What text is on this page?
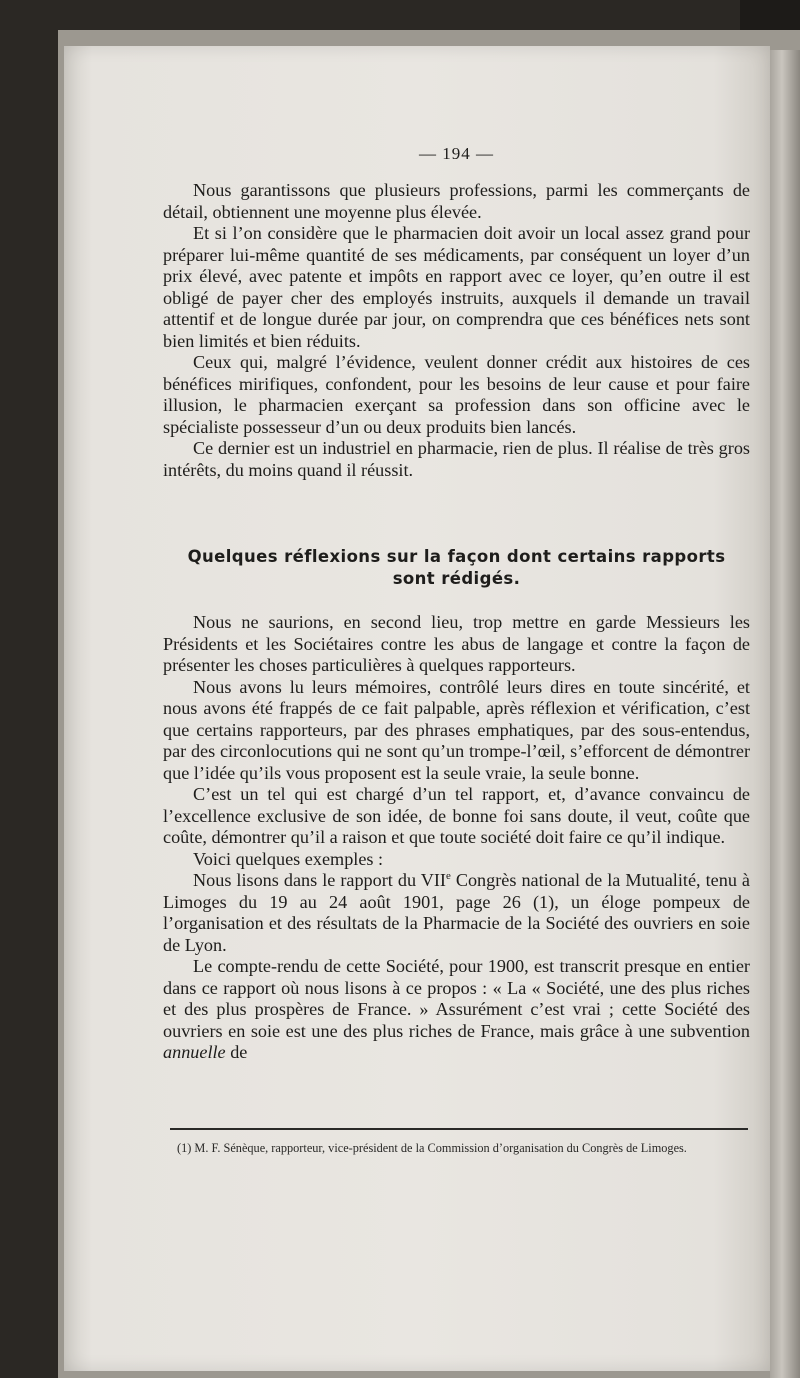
— 194 —

Nous garantissons que plusieurs professions, parmi les commerçants de détail, obtiennent une moyenne plus élevée.

Et si l’on considère que le pharmacien doit avoir un local assez grand pour préparer lui-même quantité de ses médicaments, par conséquent un loyer d’un prix élevé, avec patente et impôts en rapport avec ce loyer, qu’en outre il est obligé de payer cher des employés instruits, auxquels il demande un travail attentif et de longue durée par jour, on comprendra que ces bénéfices nets sont bien limités et bien réduits.

Ceux qui, malgré l’évidence, veulent donner crédit aux histoires de ces bénéfices mirifiques, confondent, pour les besoins de leur cause et pour faire illusion, le pharmacien exerçant sa profession dans son officine avec le spécialiste possesseur d’un ou deux produits bien lancés.

Ce dernier est un industriel en pharmacie, rien de plus. Il réalise de très gros intérêts, du moins quand il réussit.

Quelques réflexions sur la façon dont certains rapports
sont rédigés.

Nous ne saurions, en second lieu, trop mettre en garde Messieurs les Présidents et les Sociétaires contre les abus de langage et contre la façon de présenter les choses particulières à quelques rapporteurs.

Nous avons lu leurs mémoires, contrôlé leurs dires en toute sincérité, et nous avons été frappés de ce fait palpable, après réflexion et vérification, c’est que certains rapporteurs, par des phrases emphatiques, par des sous-entendus, par des circonlocutions qui ne sont qu’un trompe-l’œil, s’efforcent de démontrer que l’idée qu’ils vous proposent est la seule vraie, la seule bonne.

C’est un tel qui est chargé d’un tel rapport, et, d’avance convaincu de l’excellence exclusive de son idée, de bonne foi sans doute, il veut, coûte que coûte, démontrer qu’il a raison et que toute société doit faire ce qu’il indique.

Voici quelques exemples :

Nous lisons dans le rapport du VIIe Congrès national de la Mutualité, tenu à Limoges du 19 au 24 août 1901, page 26 (1), un éloge pompeux de l’organisation et des résultats de la Pharmacie de la Société des ouvriers en soie de Lyon.

Le compte-rendu de cette Société, pour 1900, est transcrit presque en entier dans ce rapport où nous lisons à ce propos : « La « Société, une des plus riches et des plus prospères de France. » Assurément c’est vrai ; cette Société des ouvriers en soie est une des plus riches de France, mais grâce à une subvention annuelle de

(1) M. F. Sénèque, rapporteur, vice-président de la Commission d’organisation du Congrès de Limoges.
